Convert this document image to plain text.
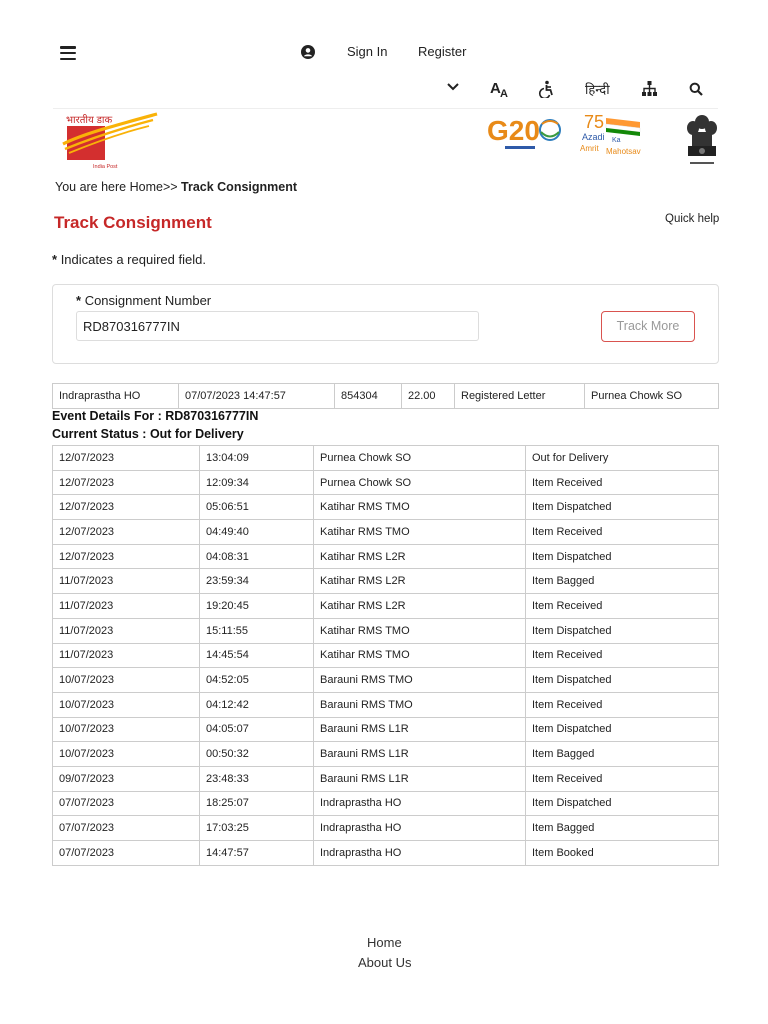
Sign In Register
A A	हिन्दी
भारतीय डाक
India Post
G20 75
Azadi Ka
Amrit Mahotsav
You are here Home>> Track Consignment
Track Consignment	Quick help
* Indicates a required field.
* Consignment Number
RD870316777IN
Track More
Indraprastha HO	07/07/2023 14:47:57	854304	22.00	Registered Letter	Purnea Chowk SO
Event Details For : RD870316777IN
Current Status : Out for Delivery
12/07/2023	13:04:09	Purnea Chowk SO	Out for Delivery
12/07/2023	12:09:34	Purnea Chowk SO	Item Received
12/07/2023	05:06:51	Katihar RMS TMO	Item Dispatched
12/07/2023	04:49:40	Katihar RMS TMO	Item Received
12/07/2023	04:08:31	Katihar RMS L2R	Item Dispatched
11/07/2023	23:59:34	Katihar RMS L2R	Item Bagged
11/07/2023	19:20:45	Katihar RMS L2R	Item Received
11/07/2023	15:11:55	Katihar RMS TMO	Item Dispatched
11/07/2023	14:45:54	Katihar RMS TMO	Item Received
10/07/2023	04:52:05	Barauni RMS TMO	Item Dispatched
10/07/2023	04:12:42	Barauni RMS TMO	Item Received
10/07/2023	04:05:07	Barauni RMS L1R	Item Dispatched
10/07/2023	00:50:32	Barauni RMS L1R	Item Bagged
09/07/2023	23:48:33	Barauni RMS L1R	Item Received
07/07/2023	18:25:07	Indraprastha HO	Item Dispatched
07/07/2023	17:03:25	Indraprastha HO	Item Bagged
07/07/2023	14:47:57	Indraprastha HO	Item Booked
Home
About Us
